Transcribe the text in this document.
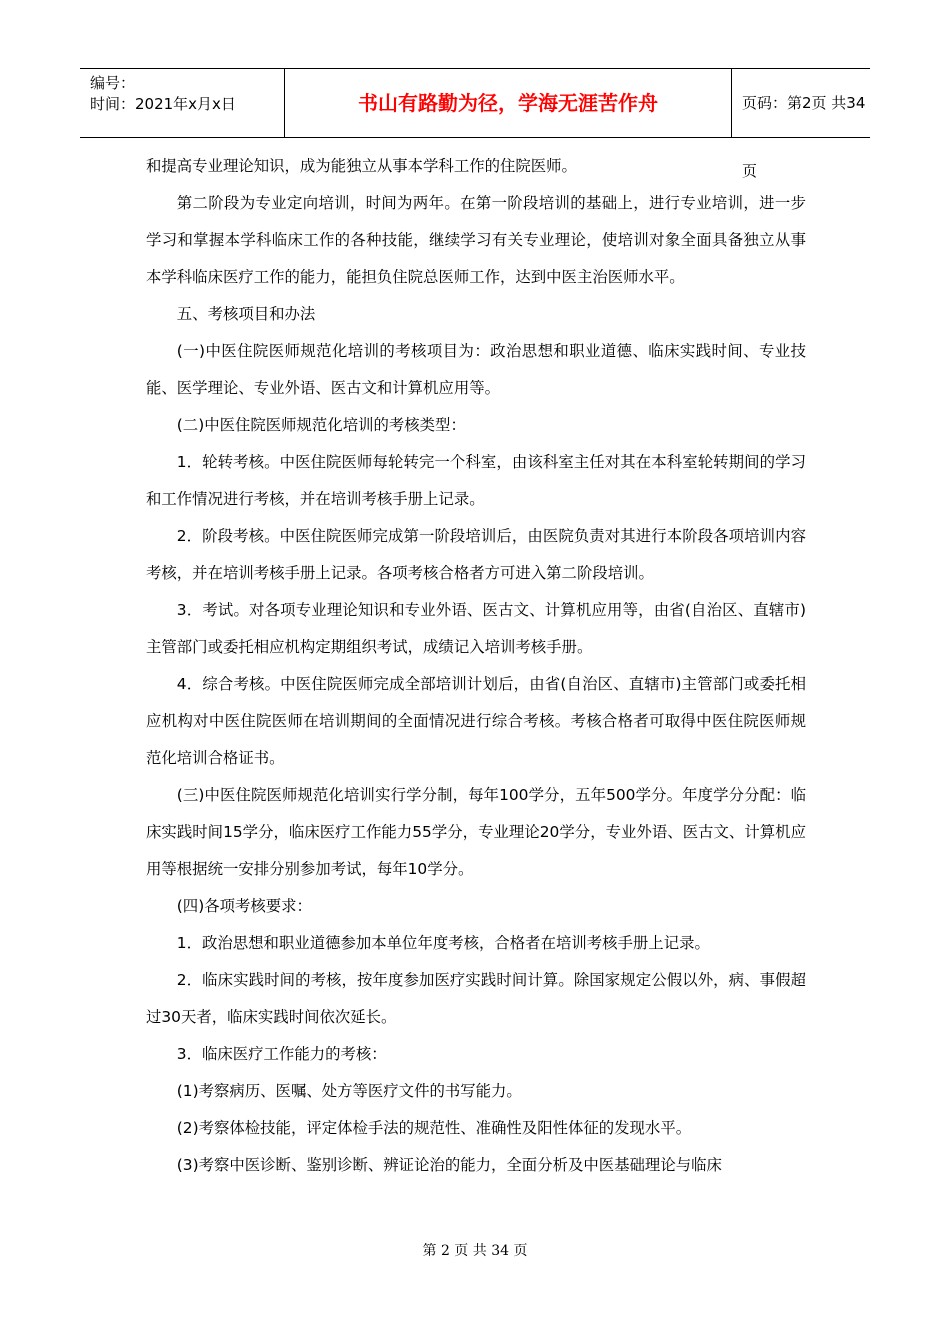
编号：
时间：2021年x月x日	书山有路勤为径，学海无涯苦作舟	页码：第2页 共34页

和提高专业理论知识，成为能独立从事本学科工作的住院医师。

第二阶段为专业定向培训，时间为两年。在第一阶段培训的基础上，进行专业培训，进一步学习和掌握本学科临床工作的各种技能，继续学习有关专业理论，使培训对象全面具备独立从事本学科临床医疗工作的能力，能担负住院总医师工作，达到中医主治医师水平。

五、考核项目和办法

(一)中医住院医师规范化培训的考核项目为：政治思想和职业道德、临床实践时间、专业技能、医学理论、专业外语、医古文和计算机应用等。

(二)中医住院医师规范化培训的考核类型：

1．轮转考核。中医住院医师每轮转完一个科室，由该科室主任对其在本科室轮转期间的学习和工作情况进行考核，并在培训考核手册上记录。

2．阶段考核。中医住院医师完成第一阶段培训后，由医院负责对其进行本阶段各项培训内容考核，并在培训考核手册上记录。各项考核合格者方可进入第二阶段培训。

3．考试。对各项专业理论知识和专业外语、医古文、计算机应用等，由省(自治区、直辖市)主管部门或委托相应机构定期组织考试，成绩记入培训考核手册。

4．综合考核。中医住院医师完成全部培训计划后，由省(自治区、直辖市)主管部门或委托相应机构对中医住院医师在培训期间的全面情况进行综合考核。考核合格者可取得中医住院医师规范化培训合格证书。

(三)中医住院医师规范化培训实行学分制，每年100学分，五年500学分。年度学分分配：临床实践时间15学分，临床医疗工作能力55学分，专业理论20学分，专业外语、医古文、计算机应用等根据统一安排分别参加考试，每年10学分。

(四)各项考核要求：

1．政治思想和职业道德参加本单位年度考核，合格者在培训考核手册上记录。

2．临床实践时间的考核，按年度参加医疗实践时间计算。除国家规定公假以外，病、事假超过30天者，临床实践时间依次延长。

3．临床医疗工作能力的考核：

(1)考察病历、医嘱、处方等医疗文件的书写能力。

(2)考察体检技能，评定体检手法的规范性、准确性及阳性体征的发现水平。

(3)考察中医诊断、鉴别诊断、辨证论治的能力，全面分析及中医基础理论与临床

第 2 页 共 34 页
